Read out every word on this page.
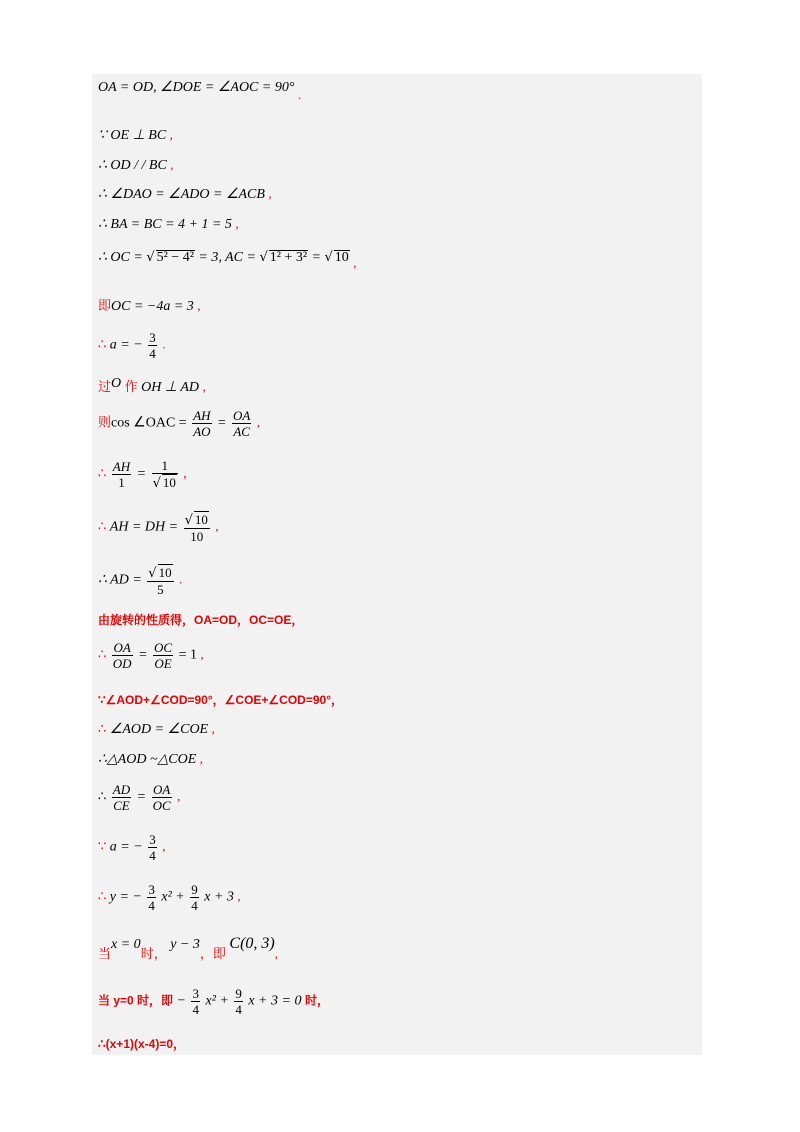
OA = OD, ∠DOE = ∠AOC = 90° .
∵ OE ⊥ BC ,
∴ OD / / BC ,
∴ ∠DAO = ∠ADO = ∠ACB ,
∴ BA = BC = 4 + 1 = 5 ,
∴ OC = √ 5² − 4² = 3, AC = √ 1² + 3² = √ 10 ,
即OC = −4a = 3 ,
∴ a = − $\frac{3}{4}$ .
过O 作 OH ⊥ AD ,
则cos ∠OAC = $\frac{AH}{AO} = \frac{OA}{AC}$ ,
∴ $\frac{AH}{1} = \frac{1}{√ 10}$ ,
∴ AH = DH = $\frac{√ 10}{10}$ ,
∴ AD = $\frac{√ 10}{5}$ .
由旋转的性质得，OA=OD，OC=OE，
∴ $\frac{OA}{OD} = \frac{OC}{OE} = 1$ ,
∵∠AOD+∠COD=90°，∠COE+∠COD=90°，
∴ ∠AOD = ∠COE ,
∴△AOD ~△COE ,
∴ $\frac{AD}{CE} = \frac{OA}{OC}$ ,
∵ a = − $\frac{3}{4}$ ,
∴ y = − $\frac{3}{4} x^2 + \frac{9}{4}$ x + 3 ,
当x = 0时， y − 3，即 C(0, 3),
当 y=0 时，即 − $\frac{3}{4} x^2 + \frac{9}{4}$ x + 3 = 0 时，
∴(x+1)(x-4)=0，
